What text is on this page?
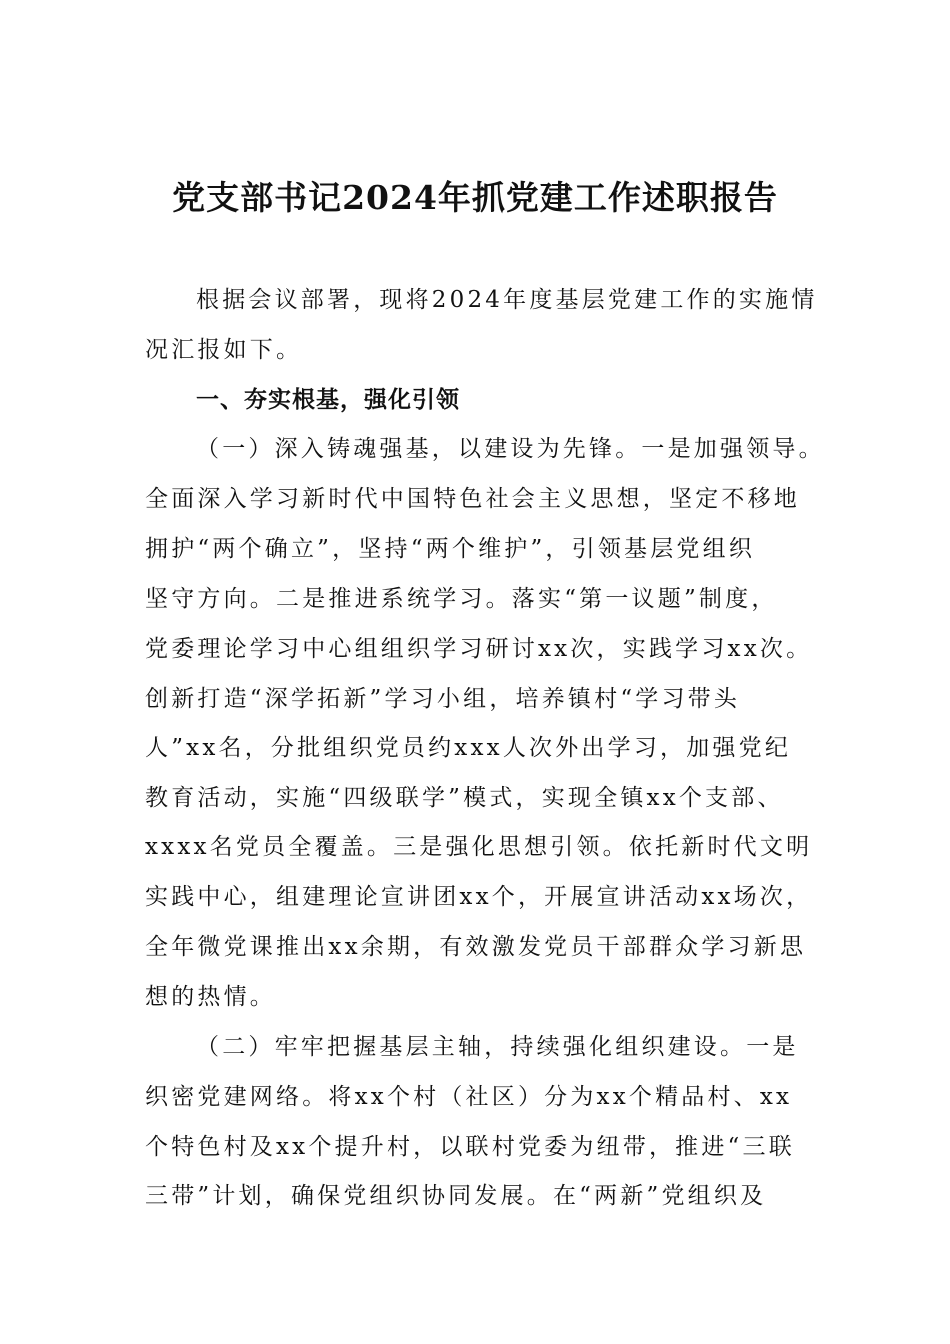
党支部书记2024年抓党建工作述职报告
根据会议部署，现将2024年度基层党建工作的实施情
况汇报如下。
一、夯实根基，强化引领
（一）深入铸魂强基，以建设为先锋。一是加强领导。
全面深入学习新时代中国特色社会主义思想，坚定不移地
拥护“两个确立”，坚持“两个维护”，引领基层党组织
坚守方向。二是推进系统学习。落实“第一议题”制度，
党委理论学习中心组组织学习研讨xx次，实践学习xx次。
创新打造“深学拓新”学习小组，培养镇村“学习带头
人”xx名，分批组织党员约xxx人次外出学习，加强党纪
教育活动，实施“四级联学”模式，实现全镇xx个支部、
xxxx名党员全覆盖。三是强化思想引领。依托新时代文明
实践中心，组建理论宣讲团xx个，开展宣讲活动xx场次，
全年微党课推出xx余期，有效激发党员干部群众学习新思
想的热情。
（二）牢牢把握基层主轴，持续强化组织建设。一是
织密党建网络。将xx个村（社区）分为xx个精品村、xx
个特色村及xx个提升村，以联村党委为纽带，推进“三联
三带”计划，确保党组织协同发展。在“两新”党组织及
